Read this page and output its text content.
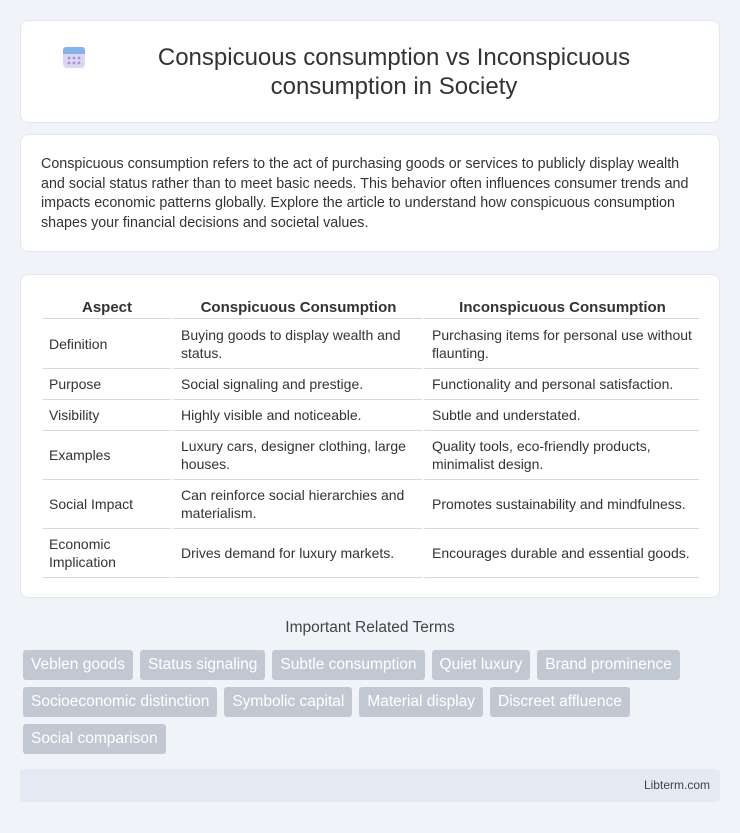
Conspicuous consumption vs Inconspicuous consumption in Society

Conspicuous consumption refers to the act of purchasing goods or services to publicly display wealth and social status rather than to meet basic needs. This behavior often influences consumer trends and impacts economic patterns globally. Explore the article to understand how conspicuous consumption shapes your financial decisions and societal values.

Aspect	Conspicuous Consumption	Inconspicuous Consumption
Definition	Buying goods to display wealth and status.	Purchasing items for personal use without flaunting.
Purpose	Social signaling and prestige.	Functionality and personal satisfaction.
Visibility	Highly visible and noticeable.	Subtle and understated.
Examples	Luxury cars, designer clothing, large houses.	Quality tools, eco-friendly products, minimalist design.
Social Impact	Can reinforce social hierarchies and materialism.	Promotes sustainability and mindfulness.
Economic Implication	Drives demand for luxury markets.	Encourages durable and essential goods.
Important Related Terms
Veblen goods	Status signaling	Subtle consumption	Quiet luxury	Brand prominence
Socioeconomic distinction	Symbolic capital	Material display	Discreet affluence
Social comparison
Libterm.com
